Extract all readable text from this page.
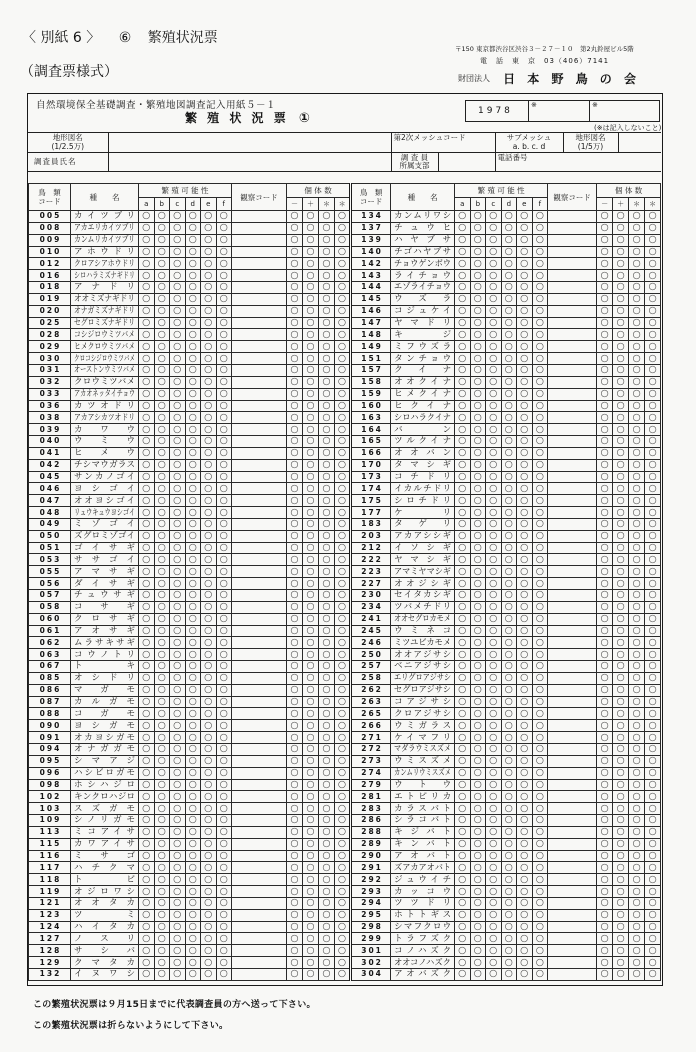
〈 別紙 6 〉 ⑥ 繁殖状況票
（調査票様式）
〒150 東京都渋谷区渋谷３－２７－１０　第2丸鈴屋ビル5階
電　話　東　京　03（406）7141
財団法人 日 本 野 鳥 の 会
自然環境保全基礎調査・繁殖地図調査記入用紙５－１
繁 殖 状 況 票 ①	1978
※	※
(※は記入しないこと)
地形図名
(1/2.5万)		第2次メッシュコード		サブメッシュ
a. b. c. d	地形図名
(1/5万)	
調査員氏名		調 査 員
所属支部		電話番号		
鳥　類
コード	種　　名	繁 殖 可 能 性						観察コード	個 体 数				鳥　類
コード	種　　名	繁 殖 可 能 性						観察コード	個 体 数			
		a	b	c	d	e	f		－	＋	＊	＊			a	b	c	d	e	f		－	＋	＊	＊
005	カイツブリ	○	○	○	○	○	○		○	○	○	○	134	カンムリワシ	○	○	○	○	○	○		○	○	○	○
008	アカエリカイツブリ	○	○	○	○	○	○		○	○	○	○	137	チュウヒ	○	○	○	○	○	○		○	○	○	○
009	カンムリカイツブリ	○	○	○	○	○	○		○	○	○	○	139	ハヤブサ	○	○	○	○	○	○		○	○	○	○
010	アホウドリ	○	○	○	○	○	○		○	○	○	○	140	チゴハヤブサ	○	○	○	○	○	○		○	○	○	○
012	クロアシアホウドリ	○	○	○	○	○	○		○	○	○	○	142	チョウゲンボウ	○	○	○	○	○	○		○	○	○	○
016	シロハラミズナギドリ	○	○	○	○	○	○		○	○	○	○	143	ライチョウ	○	○	○	○	○	○		○	○	○	○
018	アナドリ	○	○	○	○	○	○		○	○	○	○	144	エゾライチョウ	○	○	○	○	○	○		○	○	○	○
019	オオミズナギドリ	○	○	○	○	○	○		○	○	○	○	145	ウズラ	○	○	○	○	○	○		○	○	○	○
020	オナガミズナギドリ	○	○	○	○	○	○		○	○	○	○	146	コジュケイ	○	○	○	○	○	○		○	○	○	○
025	セグロミズナギドリ	○	○	○	○	○	○		○	○	○	○	147	ヤマドリ	○	○	○	○	○	○		○	○	○	○
028	コシジロウミツバメ	○	○	○	○	○	○		○	○	○	○	148	キジ	○	○	○	○	○	○		○	○	○	○
029	ヒメクロウミツバメ	○	○	○	○	○	○		○	○	○	○	149	ミフウズラ	○	○	○	○	○	○		○	○	○	○
030	クロコシジロウミツバメ	○	○	○	○	○	○		○	○	○	○	151	タンチョウ	○	○	○	○	○	○		○	○	○	○
031	オーストンウミツバメ	○	○	○	○	○	○		○	○	○	○	157	クイナ	○	○	○	○	○	○		○	○	○	○
032	クロウミツバメ	○	○	○	○	○	○		○	○	○	○	158	オオクイナ	○	○	○	○	○	○		○	○	○	○
033	アカオネッタイチョウ	○	○	○	○	○	○		○	○	○	○	159	ヒメクイナ	○	○	○	○	○	○		○	○	○	○
036	カツオドリ	○	○	○	○	○	○		○	○	○	○	160	ヒクイナ	○	○	○	○	○	○		○	○	○	○
038	アカアシカツオドリ	○	○	○	○	○	○		○	○	○	○	163	シロハラクイナ	○	○	○	○	○	○		○	○	○	○
039	カワウ	○	○	○	○	○	○		○	○	○	○	164	バン	○	○	○	○	○	○		○	○	○	○
040	ウミウ	○	○	○	○	○	○		○	○	○	○	165	ツルクイナ	○	○	○	○	○	○		○	○	○	○
041	ヒメウ	○	○	○	○	○	○		○	○	○	○	166	オオバン	○	○	○	○	○	○		○	○	○	○
042	チシマウガラス	○	○	○	○	○	○		○	○	○	○	170	タマシギ	○	○	○	○	○	○		○	○	○	○
045	サンカノゴイ	○	○	○	○	○	○		○	○	○	○	173	コチドリ	○	○	○	○	○	○		○	○	○	○
046	ヨシゴイ	○	○	○	○	○	○		○	○	○	○	174	イカルチドリ	○	○	○	○	○	○		○	○	○	○
047	オオヨシゴイ	○	○	○	○	○	○		○	○	○	○	175	シロチドリ	○	○	○	○	○	○		○	○	○	○
048	リュウキュウヨシゴイ	○	○	○	○	○	○		○	○	○	○	177	ケリ	○	○	○	○	○	○		○	○	○	○
049	ミゾゴイ	○	○	○	○	○	○		○	○	○	○	183	タゲリ	○	○	○	○	○	○		○	○	○	○
050	ズグロミゾゴイ	○	○	○	○	○	○		○	○	○	○	203	アカアシシギ	○	○	○	○	○	○		○	○	○	○
051	ゴイサギ	○	○	○	○	○	○		○	○	○	○	212	イソシギ	○	○	○	○	○	○		○	○	○	○
053	ササゴイ	○	○	○	○	○	○		○	○	○	○	222	ヤマシギ	○	○	○	○	○	○		○	○	○	○
055	アマサギ	○	○	○	○	○	○		○	○	○	○	223	アマミヤマシギ	○	○	○	○	○	○		○	○	○	○
056	ダイサギ	○	○	○	○	○	○		○	○	○	○	227	オオジシギ	○	○	○	○	○	○		○	○	○	○
057	チュウサギ	○	○	○	○	○	○		○	○	○	○	230	セイタカシギ	○	○	○	○	○	○		○	○	○	○
058	コサギ	○	○	○	○	○	○		○	○	○	○	234	ツバメチドリ	○	○	○	○	○	○		○	○	○	○
060	クロサギ	○	○	○	○	○	○		○	○	○	○	241	オオセグロカモメ	○	○	○	○	○	○		○	○	○	○
061	アオサギ	○	○	○	○	○	○		○	○	○	○	245	ウミネコ	○	○	○	○	○	○		○	○	○	○
062	ムラサキサギ	○	○	○	○	○	○		○	○	○	○	246	ミツユビカモメ	○	○	○	○	○	○		○	○	○	○
063	コウノトリ	○	○	○	○	○	○		○	○	○	○	250	オオアジサシ	○	○	○	○	○	○		○	○	○	○
067	トキ	○	○	○	○	○	○		○	○	○	○	257	ベニアジサシ	○	○	○	○	○	○		○	○	○	○
085	オシドリ	○	○	○	○	○	○		○	○	○	○	258	エリグロアジサシ	○	○	○	○	○	○		○	○	○	○
086	マガモ	○	○	○	○	○	○		○	○	○	○	262	セグロアジサシ	○	○	○	○	○	○		○	○	○	○
087	カルガモ	○	○	○	○	○	○		○	○	○	○	263	コアジサシ	○	○	○	○	○	○		○	○	○	○
088	コガモ	○	○	○	○	○	○		○	○	○	○	265	クロアジサシ	○	○	○	○	○	○		○	○	○	○
090	ヨシガモ	○	○	○	○	○	○		○	○	○	○	266	ウミガラス	○	○	○	○	○	○		○	○	○	○
091	オカヨシガモ	○	○	○	○	○	○		○	○	○	○	271	ケイマフリ	○	○	○	○	○	○		○	○	○	○
094	オナガガモ	○	○	○	○	○	○		○	○	○	○	272	マダラウミスズメ	○	○	○	○	○	○		○	○	○	○
095	シマアジ	○	○	○	○	○	○		○	○	○	○	273	ウミスズメ	○	○	○	○	○	○		○	○	○	○
096	ハシビロガモ	○	○	○	○	○	○		○	○	○	○	274	カンムリウミスズメ	○	○	○	○	○	○		○	○	○	○
098	ホシハジロ	○	○	○	○	○	○		○	○	○	○	279	ウトウ	○	○	○	○	○	○		○	○	○	○
102	キンクロハジロ	○	○	○	○	○	○		○	○	○	○	281	エトピリカ	○	○	○	○	○	○		○	○	○	○
103	スズガモ	○	○	○	○	○	○		○	○	○	○	283	カラスバト	○	○	○	○	○	○		○	○	○	○
109	シノリガモ	○	○	○	○	○	○		○	○	○	○	286	シラコバト	○	○	○	○	○	○		○	○	○	○
113	ミコアイサ	○	○	○	○	○	○		○	○	○	○	288	キジバト	○	○	○	○	○	○		○	○	○	○
115	カワアイサ	○	○	○	○	○	○		○	○	○	○	289	キンバト	○	○	○	○	○	○		○	○	○	○
116	ミサゴ	○	○	○	○	○	○		○	○	○	○	290	アオバト	○	○	○	○	○	○		○	○	○	○
117	ハチクマ	○	○	○	○	○	○		○	○	○	○	291	ズアカアオバト	○	○	○	○	○	○		○	○	○	○
118	トビ	○	○	○	○	○	○		○	○	○	○	292	ジュウイチ	○	○	○	○	○	○		○	○	○	○
119	オジロワシ	○	○	○	○	○	○		○	○	○	○	293	カッコウ	○	○	○	○	○	○		○	○	○	○
121	オオタカ	○	○	○	○	○	○		○	○	○	○	294	ツツドリ	○	○	○	○	○	○		○	○	○	○
123	ツミ	○	○	○	○	○	○		○	○	○	○	295	ホトトギス	○	○	○	○	○	○		○	○	○	○
124	ハイタカ	○	○	○	○	○	○		○	○	○	○	298	シマフクロウ	○	○	○	○	○	○		○	○	○	○
127	ノスリ	○	○	○	○	○	○		○	○	○	○	299	トラフズク	○	○	○	○	○	○		○	○	○	○
128	サシバ	○	○	○	○	○	○		○	○	○	○	301	コノハズク	○	○	○	○	○	○		○	○	○	○
129	クマタカ	○	○	○	○	○	○		○	○	○	○	302	オオコノハズク	○	○	○	○	○	○		○	○	○	○
132	イヌワシ	○	○	○	○	○	○		○	○	○	○	304	アオバズク	○	○	○	○	○	○		○	○	○	○
この繁殖状況票は９月15日までに代表調査員の方へ送って下さい。
この繁殖状況票は折らないようにして下さい。
